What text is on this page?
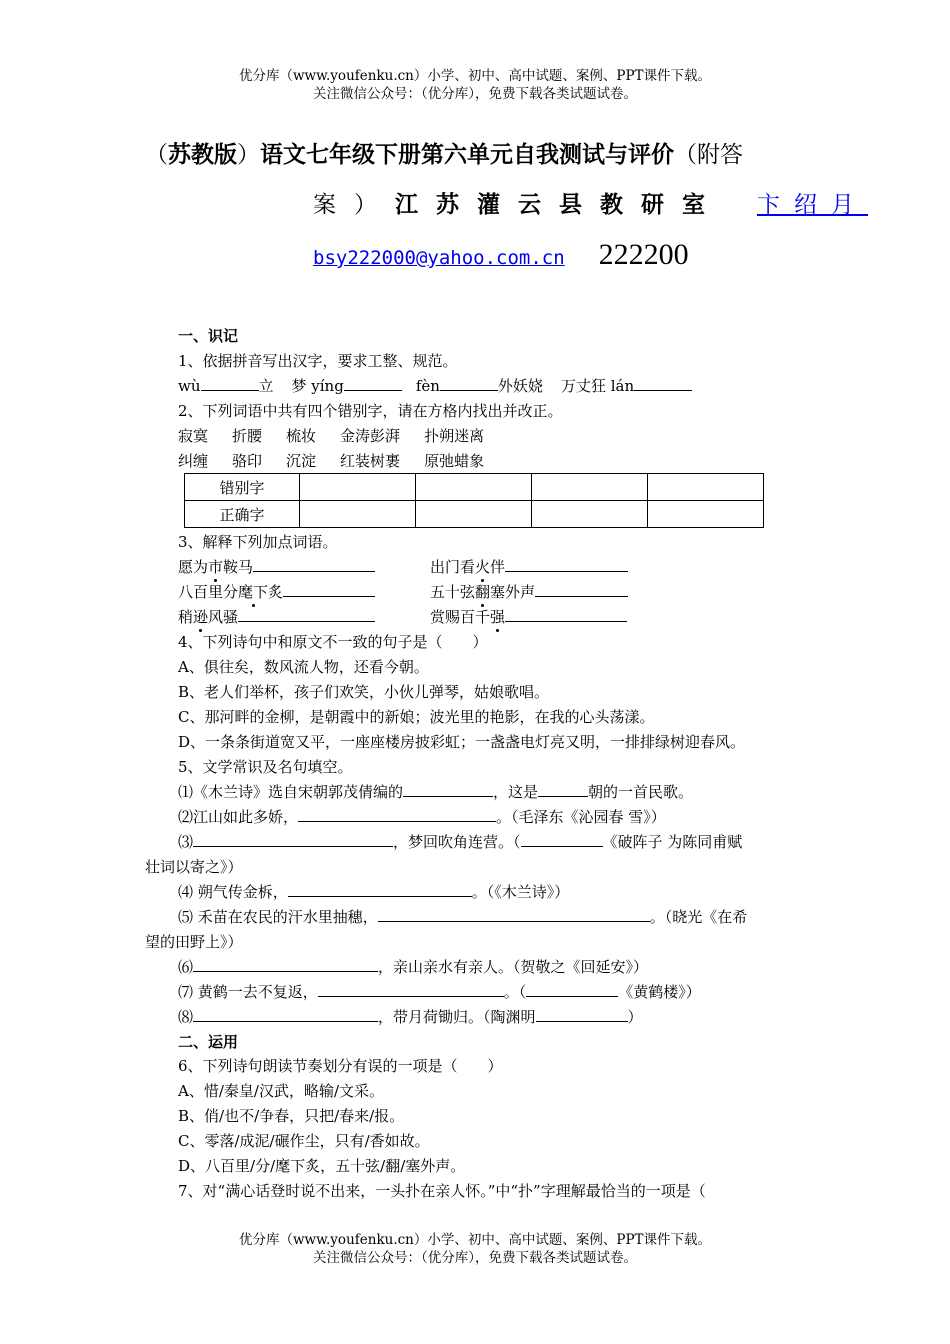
优分库（www.youfenku.cn）小学、初中、高中试题、案例、PPT课件下载。
关注微信公众号：（优分库），免费下载各类试题试卷。
（苏教版）语文七年级下册第六单元自我测试与评价（附答
案）江苏灌云县教研室 卞绍月
bsy222000@yahoo.com.cn 222200
一、识记
1、依据拼音写出汉字，要求工整、规范。
wù	立 梦 yíng	fèn	外妖娆 万丈狂 lán
2、下列词语中共有四个错别字，请在方格内找出并改正。
寂寞 折腰 梳妆 金涛彭湃 扑朔迷离
纠缠 骆印 沉淀 红装树裹 原弛蜡象
错别字				
正确字				
3、解释下列加点词语。
愿为市鞍马	出门看火伴
八百里分麾下炙	五十弦翻塞外声
稍逊风骚	赏赐百千强
4、下列诗句中和原文不一致的句子是（　　）
A、俱往矣，数风流人物，还看今朝。
B、老人们举杯，孩子们欢笑，小伙儿弹琴，姑娘歌唱。
C、那河畔的金柳，是朝霞中的新娘；波光里的艳影，在我的心头荡漾。
D、一条条街道宽又平，一座座楼房披彩虹；一盏盏电灯亮又明，一排排绿树迎春风。
5、文学常识及名句填空。
⑴《木兰诗》选自宋朝郭茂倩编的	，这是	朝的一首民歌。
⑵江山如此多娇，	。（毛泽东《沁园春 雪》）
⑶	，梦回吹角连营。（	《破阵子 为陈同甫赋
壮词以寄之》）
⑷ 朔气传金柝，	。（《木兰诗》）
⑸ 禾苗在农民的汗水里抽穗，	。（晓光《在希
望的田野上》）
⑹	，亲山亲水有亲人。（贺敬之《回延安》）
⑺ 黄鹤一去不复返，	。（	《黄鹤楼》）
⑻	，带月荷锄归。（陶渊明	）
二、运用
6、下列诗句朗读节奏划分有误的一项是（　　）
A、惜/秦皇/汉武，略输/文采。
B、俏/也不/争春，只把/春来/报。
C、零落/成泥/碾作尘，只有/香如故。
D、八百里/分/麾下炙，五十弦/翻/塞外声。
7、对“满心话登时说不出来，一头扑在亲人怀。”中“扑”字理解最恰当的一项是（
优分库（www.youfenku.cn）小学、初中、高中试题、案例、PPT课件下载。
关注微信公众号：（优分库），免费下载各类试题试卷。
